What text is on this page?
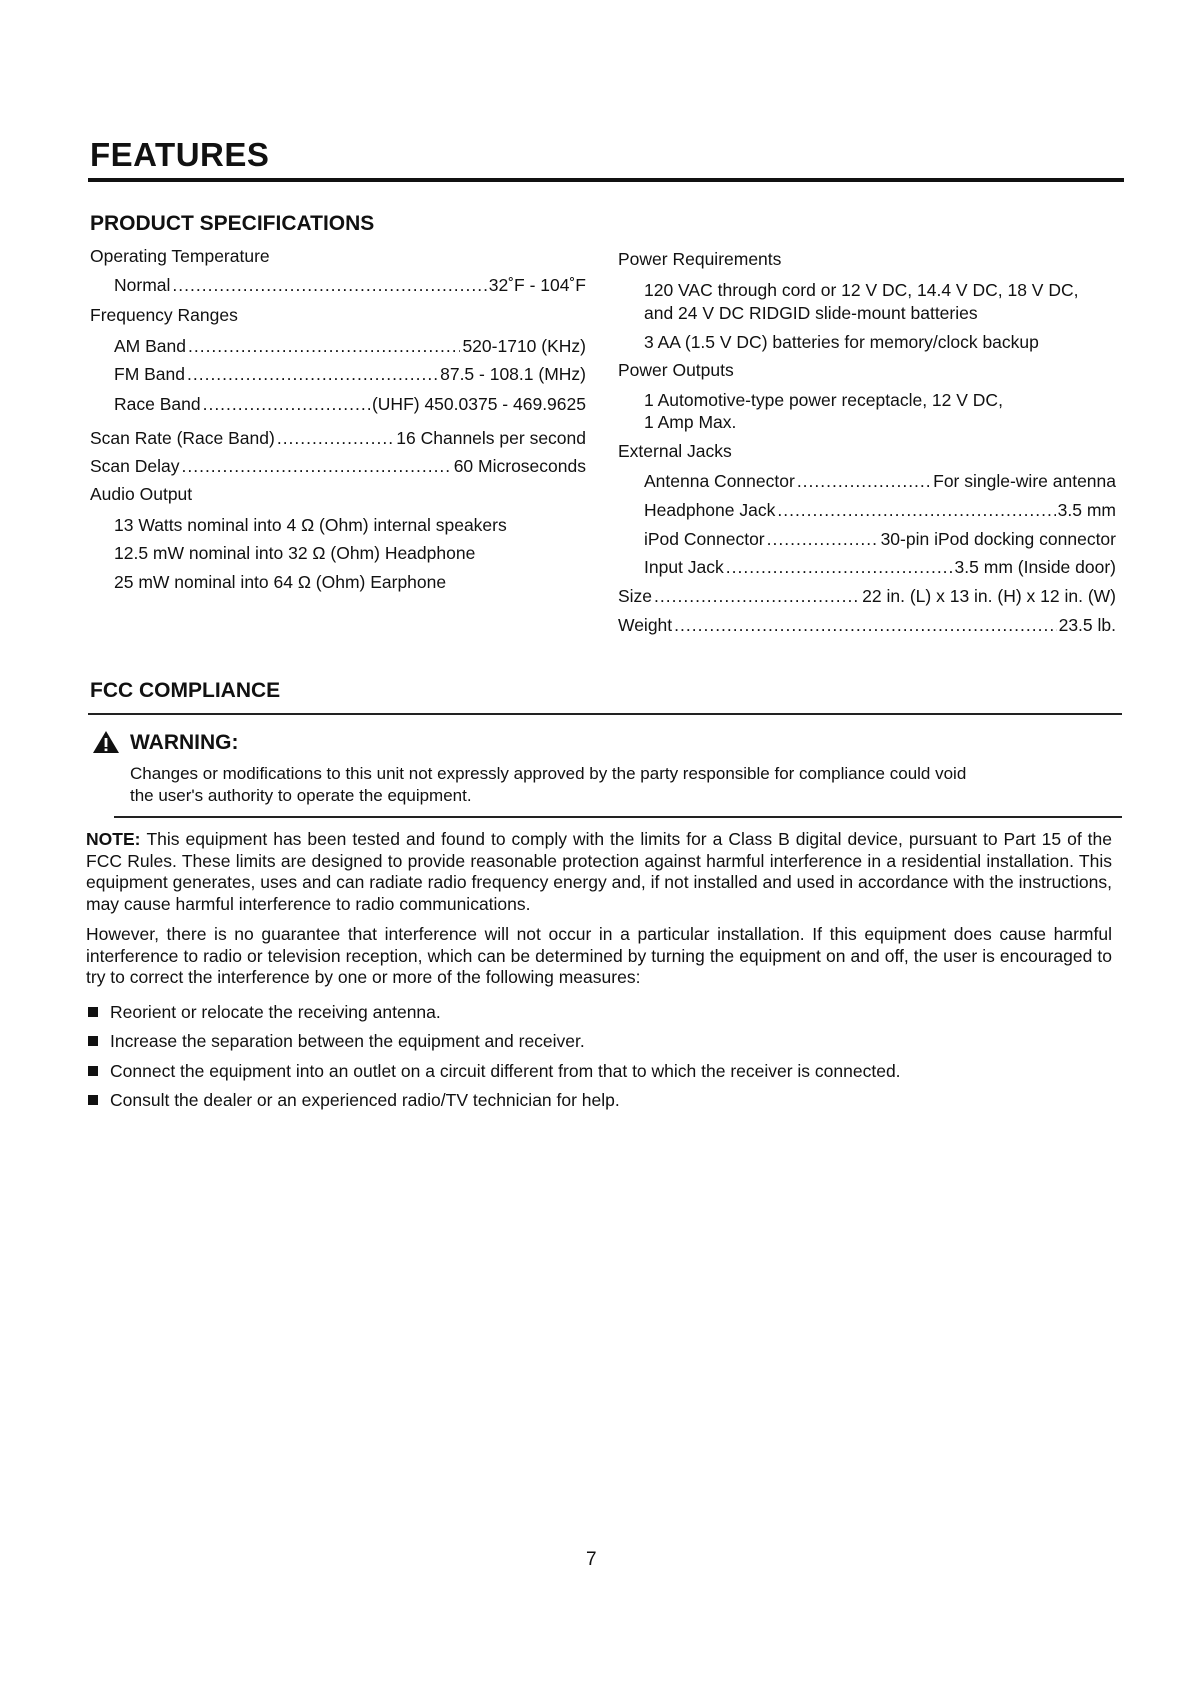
FEATURES
PRODUCT SPECIFICATIONS
Operating Temperature
Normal .....	32˚F - 104˚F
Frequency Ranges
AM Band .....	520-1710 (KHz)
FM Band .....	87.5 - 108.1 (MHz)
Race Band .....	(UHF) 450.0375 - 469.9625
Scan Rate (Race Band) .....	16 Channels per second
Scan Delay .....	60 Microseconds
Audio Output
13 Watts nominal into 4 Ω (Ohm) internal speakers
12.5 mW nominal into 32 Ω (Ohm) Headphone
25 mW nominal into 64 Ω (Ohm) Earphone
Power Requirements
120 VAC through cord or 12 V DC, 14.4 V DC, 18 V DC,
and 24 V DC RIDGID slide-mount batteries
3 AA (1.5 V DC) batteries for memory/clock backup
Power Outputs
1 Automotive-type power receptacle, 12 V DC,
1 Amp Max.
External Jacks
Antenna Connector .....	For single-wire antenna
Headphone Jack .....	3.5 mm
iPod Connector .....	30-pin iPod docking connector
Input Jack .....	3.5 mm (Inside door)
Size .....	22 in. (L) x 13 in. (H) x 12 in. (W)
Weight .....	23.5 lb.
FCC COMPLIANCE
WARNING:
Changes or modifications to this unit not expressly approved by the party responsible for compliance could void
the user's authority to operate the equipment.
NOTE: This equipment has been tested and found to comply with the limits for a Class B digital device, pursuant to Part 15 of the FCC Rules. These limits are designed to provide reasonable protection against harmful interference in a residential installation. This equipment generates, uses and can radiate radio frequency energy and, if not installed and used in accordance with the instructions, may cause harmful interference to radio communications.
However, there is no guarantee that interference will not occur in a particular installation. If this equipment does cause harmful interference to radio or television reception, which can be determined by turning the equipment on and off, the user is encouraged to try to correct the interference by one or more of the following measures:
Reorient or relocate the receiving antenna.
Increase the separation between the equipment and receiver.
Connect the equipment into an outlet on a circuit different from that to which the receiver is connected.
Consult the dealer or an experienced radio/TV technician for help.
7
